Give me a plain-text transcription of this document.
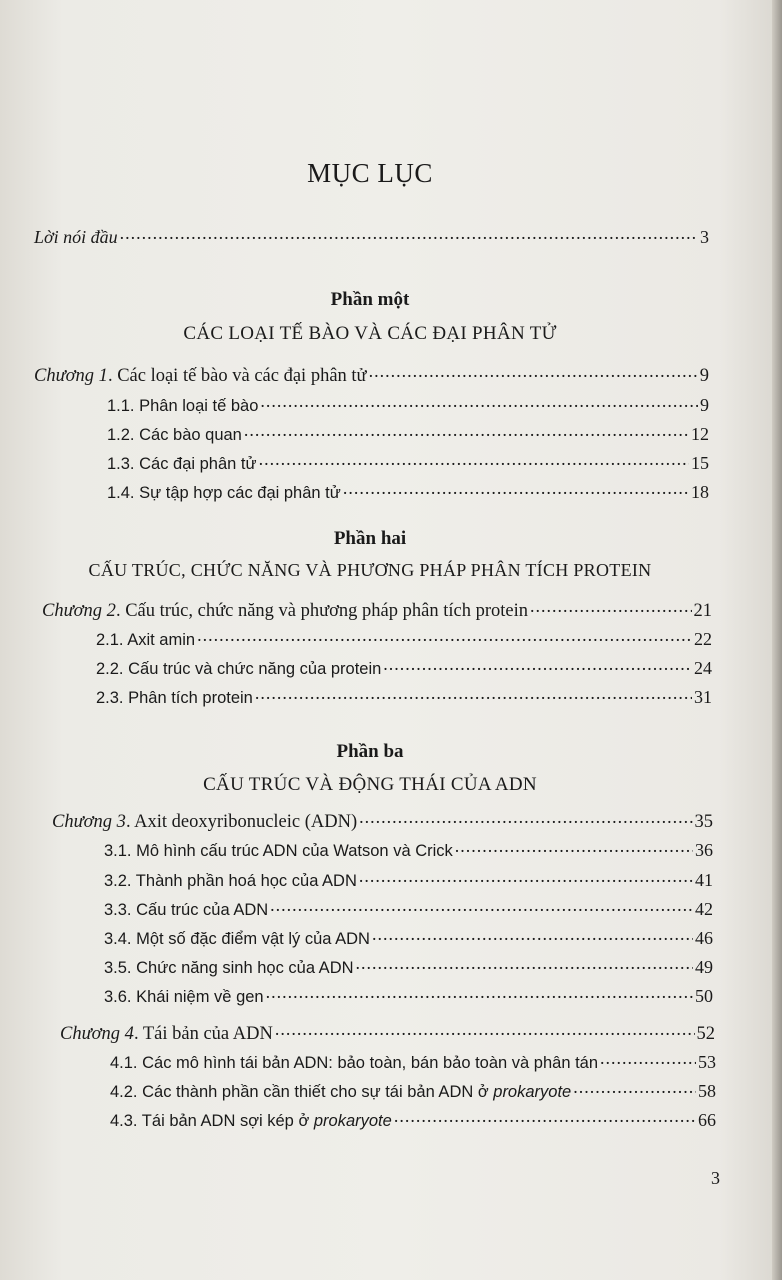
MỤC LỤC
Lời nói đầu .....	3
Phần một
CÁC LOẠI TẾ BÀO VÀ CÁC ĐẠI PHÂN TỬ
Chương 1. Các loại tế bào và các đại phân tử .....	9
1.1. Phân loại tế bào .....	9
1.2. Các bào quan .....	12
1.3. Các đại phân tử .....	15
1.4. Sự tập hợp các đại phân tử .....	18
Phần hai
CẤU TRÚC, CHỨC NĂNG VÀ PHƯƠNG PHÁP PHÂN TÍCH PROTEIN
Chương 2. Cấu trúc, chức năng và phương pháp phân tích protein .....	21
2.1. Axit amin .....	22
2.2. Cấu trúc và chức năng của protein .....	24
2.3. Phân tích protein .....	31
Phần ba
CẤU TRÚC VÀ ĐỘNG THÁI CỦA ADN
Chương 3. Axit deoxyribonucleic (ADN) .....	35
3.1. Mô hình cấu trúc ADN của Watson và Crick .....	36
3.2. Thành phần hoá học của ADN .....	41
3.3. Cấu trúc của ADN .....	42
3.4. Một số đặc điểm vật lý của ADN .....	46
3.5. Chức năng sinh học của ADN .....	49
3.6. Khái niệm về gen .....	50
Chương 4. Tái bản của ADN .....	52
4.1. Các mô hình tái bản ADN: bảo toàn, bán bảo toàn và phân tán .....	53
4.2. Các thành phần cần thiết cho sự tái bản ADN ở prokaryote .....	58
4.3. Tái bản ADN sợi kép ở prokaryote .....	66
3
